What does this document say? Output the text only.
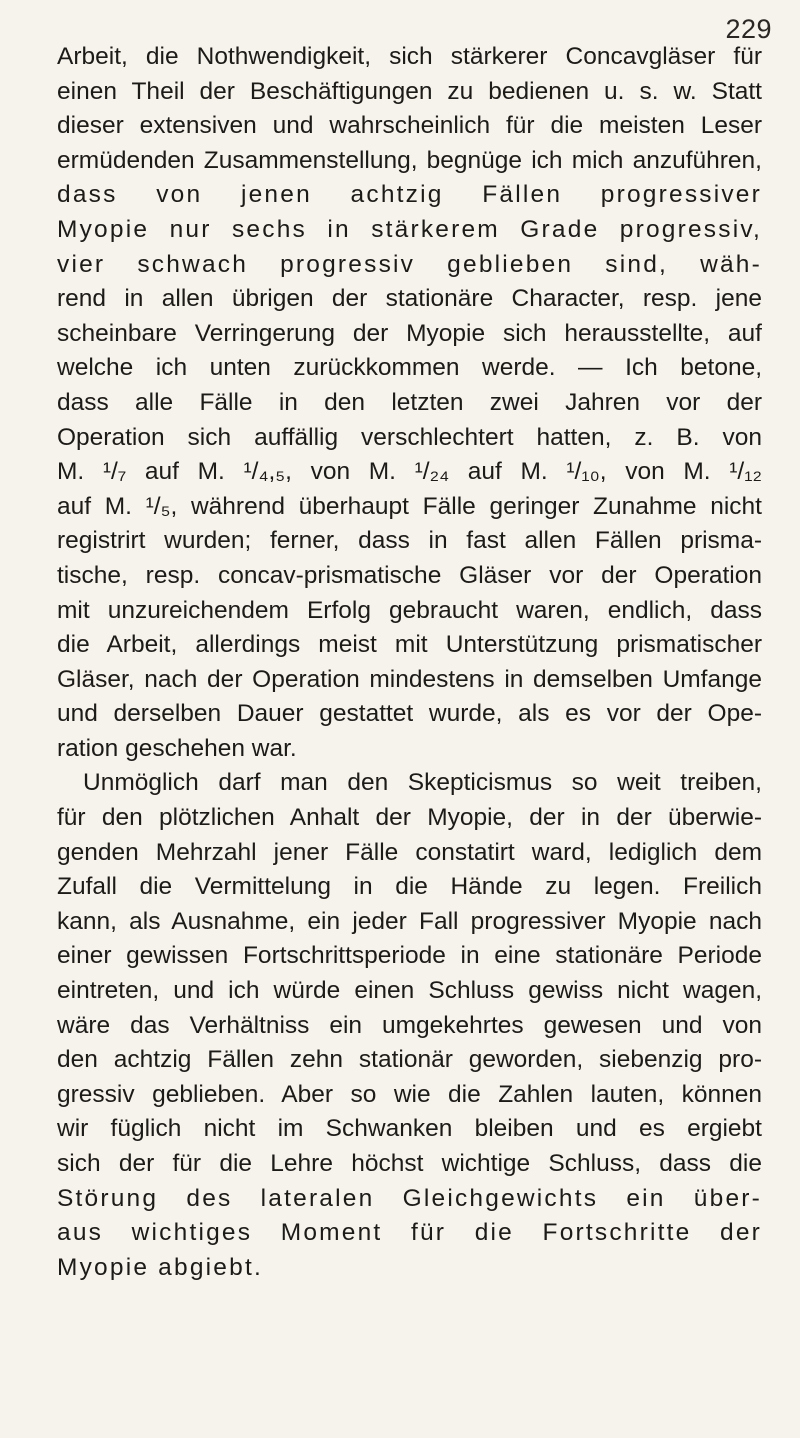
229
Arbeit, die Nothwendigkeit, sich stärkerer Concavgläser für
einen Theil der Beschäftigungen zu bedienen u. s. w. Statt
dieser extensiven und wahrscheinlich für die meisten Leser
ermüdenden Zusammenstellung, begnüge ich mich anzuführen,
dass von jenen achtzig Fällen progressiver
Myopie nur sechs in stärkerem Grade progressiv,
vier schwach progressiv geblieben sind, wäh-
rend in allen übrigen der stationäre Character, resp. jene
scheinbare Verringerung der Myopie sich herausstellte, auf
welche ich unten zurückkommen werde. — Ich betone,
dass alle Fälle in den letzten zwei Jahren vor der
Operation sich auffällig verschlechtert hatten, z. B. von
M. ¹/₇ auf M. ¹/₄,₅, von M. ¹/₂₄ auf M. ¹/₁₀, von M. ¹/₁₂
auf M. ¹/₅, während überhaupt Fälle geringer Zunahme nicht
registrirt wurden; ferner, dass in fast allen Fällen prisma-
tische, resp. concav-prismatische Gläser vor der Operation
mit unzureichendem Erfolg gebraucht waren, endlich, dass
die Arbeit, allerdings meist mit Unterstützung prismatischer
Gläser, nach der Operation mindestens in demselben Umfange
und derselben Dauer gestattet wurde, als es vor der Ope-
ration geschehen war.
Unmöglich darf man den Skepticismus so weit treiben,
für den plötzlichen Anhalt der Myopie, der in der überwie-
genden Mehrzahl jener Fälle constatirt ward, lediglich dem
Zufall die Vermittelung in die Hände zu legen. Freilich
kann, als Ausnahme, ein jeder Fall progressiver Myopie nach
einer gewissen Fortschrittsperiode in eine stationäre Periode
eintreten, und ich würde einen Schluss gewiss nicht wagen,
wäre das Verhältniss ein umgekehrtes gewesen und von
den achtzig Fällen zehn stationär geworden, siebenzig pro-
gressiv geblieben. Aber so wie die Zahlen lauten, können
wir füglich nicht im Schwanken bleiben und es ergiebt
sich der für die Lehre höchst wichtige Schluss, dass die
Störung des lateralen Gleichgewichts ein über-
aus wichtiges Moment für die Fortschritte der
Myopie abgiebt.
